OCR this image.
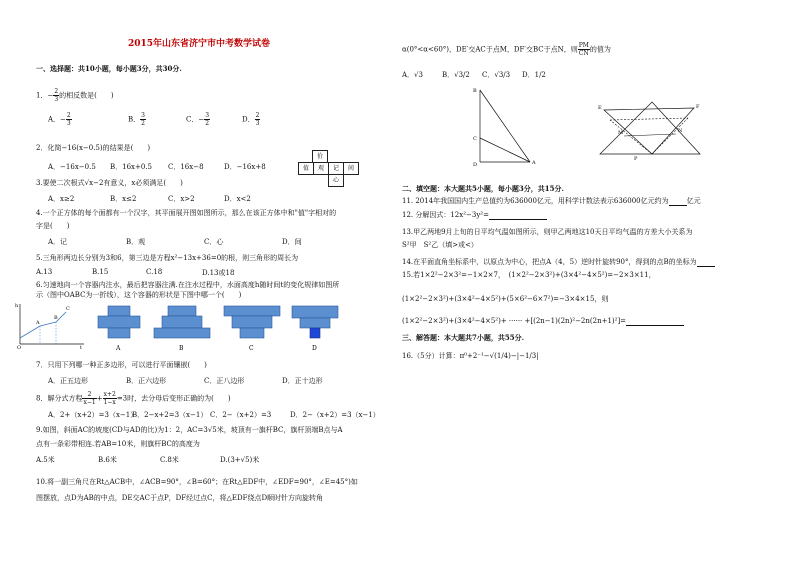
2015年山东省济宁市中考数学试卷
一、选择题：共10小题，每小题3分，共30分.
1．− $\frac{2}{3}$ 的相反数是(　　)
A．− $\frac{2}{3}$	B． $\frac{3}{2}$	C．− $\frac{3}{2}$	D． $\frac{2}{3}$
2．化简−16(x−0.5)的结果是(　　)
A．−16x−0.5 B．16x+0.5 C．16x−8	D．−16x+8
价
值	观	记	间
心
3.要使二次根式√x−2有意义，x必须满足(　　)
A．x≥2	B．x≤2	C．x>2	D．x<2
4.一个正方体的每个面都有一个汉字，其平面展开图如图所示，那么在该正方体中和"值"字相对的
字是(　　)
A．记	B．观	C．心	D．间
5.三角形两边长分别为3和6，第三边是方程x²−13x+36=0的根，则三角形的周长为
A.13	B.15	C.18	D.13或18
6.匀速地向一个容器内注水，最后把容器注满.在注水过程中，水面高度h随时间t的变化规律如图所
示（图中OABC为一折线），这个容器的形状是下图中哪一个(　　)
O
A
B
C
h
t	A	B	C	D
7．只用下列哪一种正多边形，可以进行平面镶嵌(　　)
A．正五边形	B．正六边形	C．正八边形	D．正十边形
8．解分式方程 $\frac{2}{x-1} + \frac{x+2}{1-x} =3$时，去分母后变形正确的为(　　)
A．2+（x+2）=3（x−1）
B．2−x+2=3（x−1） C．2−（x+2）=3	D．2−（x+2）=3（x−1）
9.如图，斜面AC的坡度(CD与AD的比)为1：2，AC=3√5米，坡顶有一旗杆BC，旗杆顶端B点与A
点有一条彩带相连.若AB=10米，则旗杆BC的高度为
A.5米	B.6米	C.8米	D.(3+√5)米
10.将一副三角尺在Rt△ACB中，∠ACB=90°，∠B=60°；在Rt△EDF中，∠EDF=90°，∠E=45°)如
图摆放，点D为AB的中点，DE交AC于点P，DF经过点C，将△EDF绕点D顺时针方向旋转角
α(0°<α<60°)，DE′交AC于点M，DF′交BC于点N，则 $\frac{PM}{CN}$ 的值为
A．√3	B．√3/2 C．√3/3 D．1/2
B
C
D	A
E	F
M	N
P
二、填空题：本大题共5小题，每小题3分，共15分.
11. 2014年我国国内生产总值约为636000亿元，用科学计数法表示636000亿元约为	亿元
12. 分解因式：12x²−3y²=
13.甲乙两地9月上旬的日平均气温如图所示，则甲乙两地这10天日平均气温的方差大小关系为
S²甲　S²乙（填>或<）
14.在平面直角坐标系中，以原点为中心，把点A（4，5）逆时针旋转90°，得到的点B的坐标为
15.若1×2²−2×3²=−1×2×7，　(1×2²−2×3²)+(3×4²−4×5²)=−2×3×11，
(1×2²−2×3²)+(3×4²−4×5²)+(5×6²−6×7²)=−3×4×15，则
(1×2²−2×3²)+(3×4²−4×5²)+ ······ +[(2n−1)(2n)²−2n(2n+1)²]=
三、解答题：本大题共7小题，共55分.
16.（5分）计算：π⁰+2⁻¹−√(1/4)−|−1/3|
